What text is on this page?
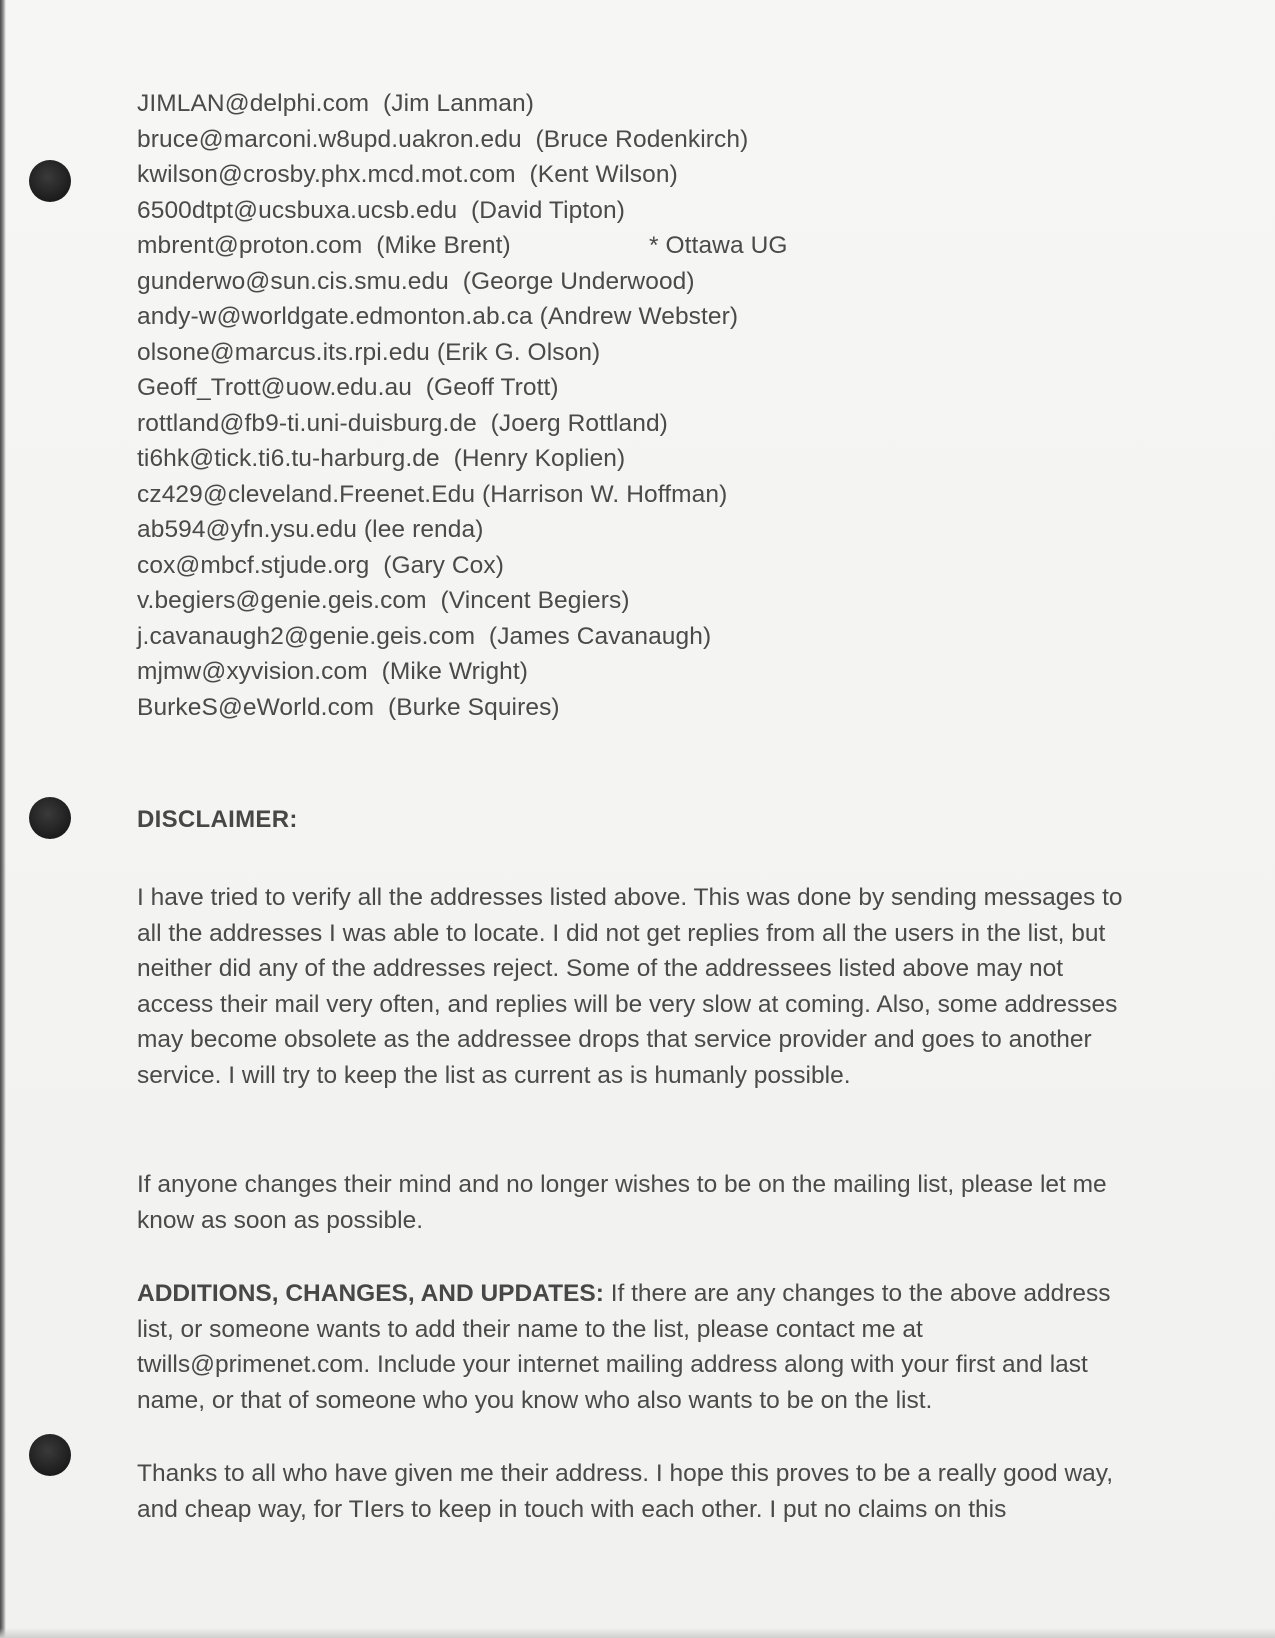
JIMLAN@delphi.com  (Jim Lanman)
bruce@marconi.w8upd.uakron.edu  (Bruce Rodenkirch)
kwilson@crosby.phx.mcd.mot.com  (Kent Wilson)
6500dtpt@ucsbuxa.ucsb.edu  (David Tipton)
mbrent@proton.com  (Mike Brent)                    * Ottawa UG
gunderwo@sun.cis.smu.edu  (George Underwood)
andy-w@worldgate.edmonton.ab.ca (Andrew Webster)
olsone@marcus.its.rpi.edu (Erik G. Olson)
Geoff_Trott@uow.edu.au  (Geoff Trott)
rottland@fb9-ti.uni-duisburg.de  (Joerg Rottland)
ti6hk@tick.ti6.tu-harburg.de  (Henry Koplien)
cz429@cleveland.Freenet.Edu (Harrison W. Hoffman)
ab594@yfn.ysu.edu (lee renda)
cox@mbcf.stjude.org  (Gary Cox)
v.begiers@genie.geis.com  (Vincent Begiers)
j.cavanaugh2@genie.geis.com  (James Cavanaugh)
mjmw@xyvision.com  (Mike Wright)
BurkeS@eWorld.com  (Burke Squires)
DISCLAIMER:

I have tried to verify all the addresses listed above. This was done by sending messages to all the addresses I was able to locate. I did not get replies from all the users in the list, but neither did any of the addresses reject. Some of the addressees listed above may not access their mail very often, and replies will be very slow at coming. Also, some addresses may become obsolete as the addressee drops that service provider and goes to another service. I will try to keep the list as current as is humanly possible.

If anyone changes their mind and no longer wishes to be on the mailing list, please let me know as soon as possible.

ADDITIONS, CHANGES, AND UPDATES: If there are any changes to the above address list, or someone wants to add their name to the list, please contact me at twills@primenet.com. Include your internet mailing address along with your first and last name, or that of someone who you know who also wants to be on the list.

Thanks to all who have given me their address. I hope this proves to be a really good way, and cheap way, for TIers to keep in touch with each other. I put no claims on this
